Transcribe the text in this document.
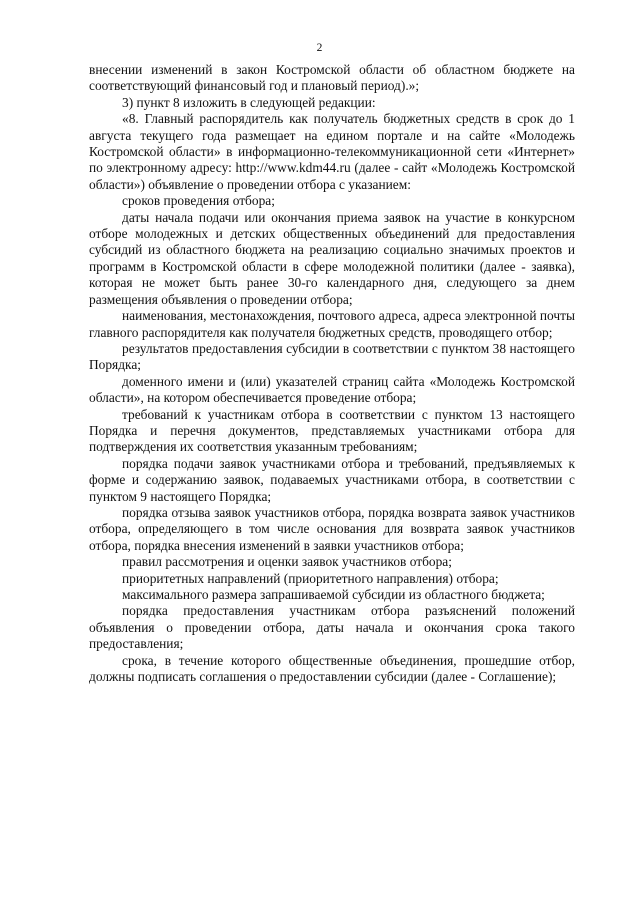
2

внесении изменений в закон Костромской области об областном бюджете на соответствующий финансовый год и плановый период).»;

3) пункт 8 изложить в следующей редакции:

«8. Главный распорядитель как получатель бюджетных средств в срок до 1 августа текущего года размещает на едином портале и на сайте «Молодежь Костромской области» в информационно-телекоммуникационной сети «Интернет» по электронному адресу: http://www.kdm44.ru (далее - сайт «Молодежь Костромской области») объявление о проведении отбора с указанием:

сроков проведения отбора;

даты начала подачи или окончания приема заявок на участие в конкурсном отборе молодежных и детских общественных объединений для предоставления субсидий из областного бюджета на реализацию социально значимых проектов и программ в Костромской области в сфере молодежной политики (далее - заявка), которая не может быть ранее 30-го календарного дня, следующего за днем размещения объявления о проведении отбора;

наименования, местонахождения, почтового адреса, адреса электронной почты главного распорядителя как получателя бюджетных средств, проводящего отбор;

результатов предоставления субсидии в соответствии с пунктом 38 настоящего Порядка;

доменного имени и (или) указателей страниц сайта «Молодежь Костромской области», на котором обеспечивается проведение отбора;

требований к участникам отбора в соответствии с пунктом 13 настоящего Порядка и перечня документов, представляемых участниками отбора для подтверждения их соответствия указанным требованиям;

порядка подачи заявок участниками отбора и требований, предъявляемых к форме и содержанию заявок, подаваемых участниками отбора, в соответствии с пунктом 9 настоящего Порядка;

порядка отзыва заявок участников отбора, порядка возврата заявок участников отбора, определяющего в том числе основания для возврата заявок участников отбора, порядка внесения изменений в заявки участников отбора;

правил рассмотрения и оценки заявок участников отбора;

приоритетных направлений (приоритетного направления) отбора;

максимального размера запрашиваемой субсидии из областного бюджета;

порядка предоставления участникам отбора разъяснений положений объявления о проведении отбора, даты начала и окончания срока такого предоставления;

срока, в течение которого общественные объединения, прошедшие отбор, должны подписать соглашения о предоставлении субсидии (далее - Соглашение);
